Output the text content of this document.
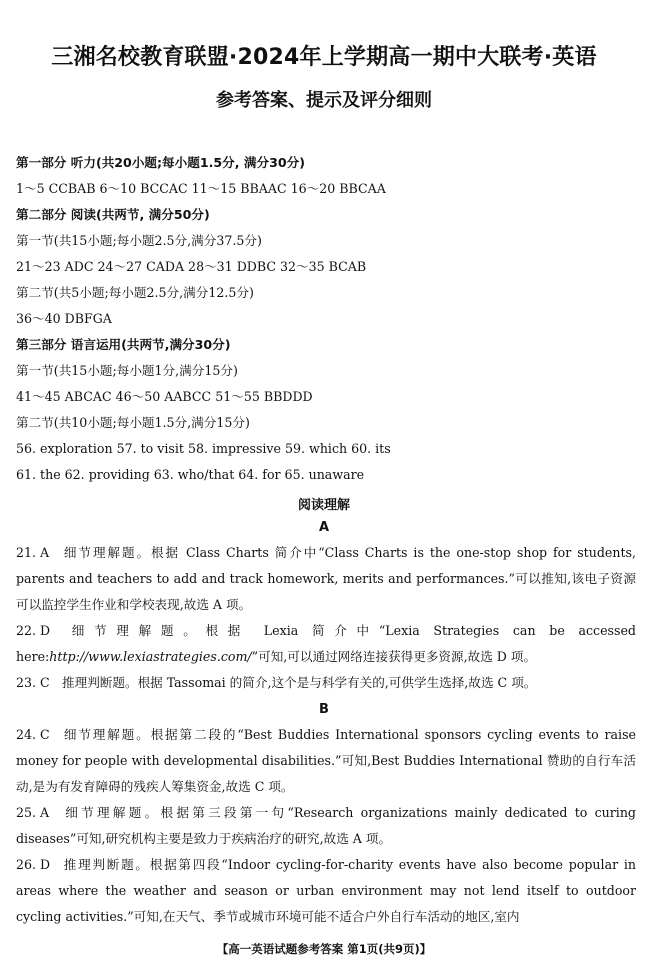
三湘名校教育联盟·2024年上学期高一期中大联考·英语
参考答案、提示及评分细则
第一部分 听力(共20小题;每小题1.5分, 满分30分)
1～5 CCBAB 6～10 BCCAC 11～15 BBAAC 16～20 BBCAA
第二部分 阅读(共两节, 满分50分)
第一节(共15小题;每小题2.5分,满分37.5分)
21～23 ADC 24～27 CADA 28～31 DDBC 32～35 BCAB
第二节(共5小题;每小题2.5分,满分12.5分)
36～40 DBFGA
第三部分 语言运用(共两节,满分30分)
第一节(共15小题;每小题1分,满分15分)
41～45 ABCAC 46～50 AABCC 51～55 BBDDD
第二节(共10小题;每小题1.5分,满分15分)
56. exploration 57. to visit 58. impressive 59. which 60. its
61. the 62. providing 63. who/that 64. for 65. unaware
阅读理解
A
21. A 细节理解题。根据 Class Charts 简介中“Class Charts is the one-stop shop for students, parents and teachers to add and track homework, merits and performances.”可以推知,该电子资源可以监控学生作业和学校表现,故选 A 项。
22. D 细节理解题。根据 Lexia 简介中“Lexia Strategies can be accessed here:http://www.lexiastrategies.com/”可知,可以通过网络连接获得更多资源,故选 D 项。
23. C 推理判断题。根据 Tassomai 的简介,这个是与科学有关的,可供学生选择,故选 C 项。
B
24. C 细节理解题。根据第二段的“Best Buddies International sponsors cycling events to raise money for people with developmental disabilities.”可知,Best Buddies International 赞助的自行车活动,是为有发育障碍的残疾人筹集资金,故选 C 项。
25. A 细节理解题。根据第三段第一句“Research organizations mainly dedicated to curing diseases”可知,研究机构主要是致力于疾病治疗的研究,故选 A 项。
26. D 推理判断题。根据第四段“Indoor cycling-for-charity events have also become popular in areas where the weather and season or urban environment may not lend itself to outdoor cycling activities.”可知,在天气、季节或城市环境可能不适合户外自行车活动的地区,室内
【高一英语试题参考答案 第1页(共9页)】
